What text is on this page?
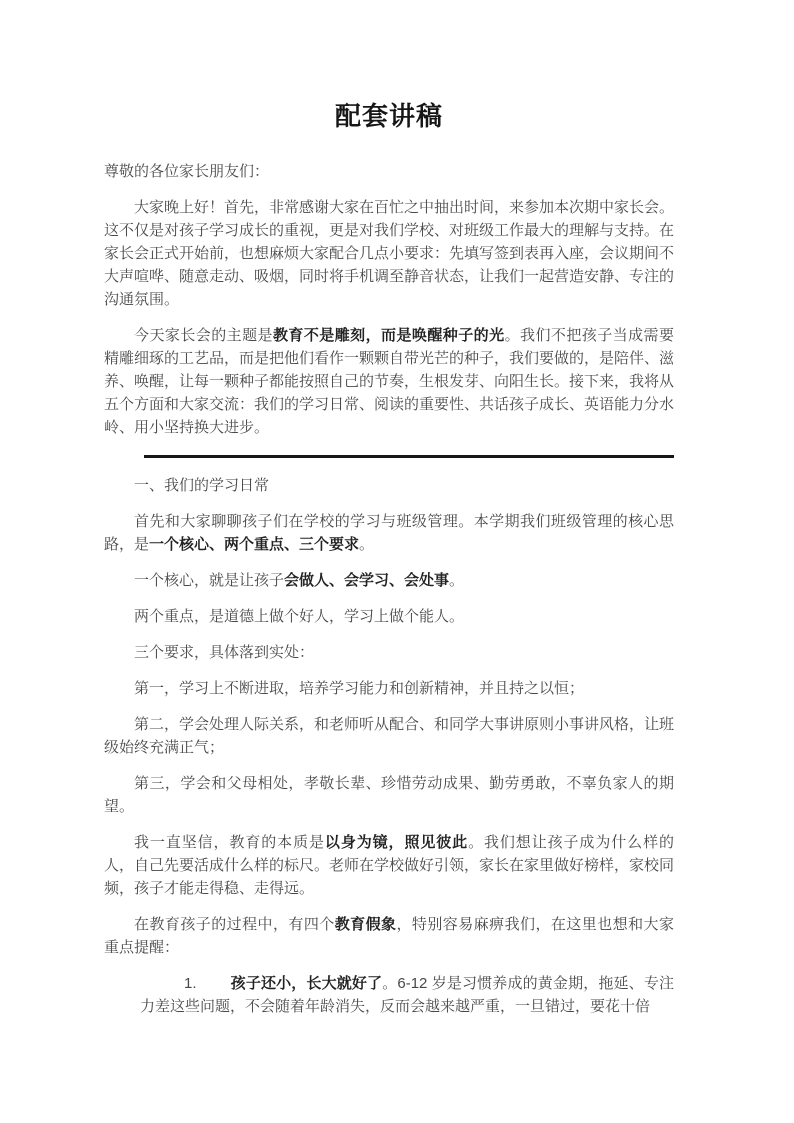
配套讲稿

尊敬的各位家长朋友们：

大家晚上好！首先，非常感谢大家在百忙之中抽出时间，来参加本次期中家长会。这不仅是对孩子学习成长的重视，更是对我们学校、对班级工作最大的理解与支持。在家长会正式开始前，也想麻烦大家配合几点小要求：先填写签到表再入座，会议期间不大声喧哗、随意走动、吸烟，同时将手机调至静音状态，让我们一起营造安静、专注的沟通氛围。

今天家长会的主题是教育不是雕刻，而是唤醒种子的光。我们不把孩子当成需要精雕细琢的工艺品，而是把他们看作一颗颗自带光芒的种子，我们要做的，是陪伴、滋养、唤醒，让每一颗种子都能按照自己的节奏，生根发芽、向阳生长。接下来，我将从五个方面和大家交流：我们的学习日常、阅读的重要性、共话孩子成长、英语能力分水岭、用小坚持换大进步。

一、我们的学习日常

首先和大家聊聊孩子们在学校的学习与班级管理。本学期我们班级管理的核心思路，是一个核心、两个重点、三个要求。

一个核心，就是让孩子会做人、会学习、会处事。

两个重点，是道德上做个好人，学习上做个能人。

三个要求，具体落到实处：

第一，学习上不断进取，培养学习能力和创新精神，并且持之以恒；

第二，学会处理人际关系，和老师听从配合、和同学大事讲原则小事讲风格，让班级始终充满正气；

第三，学会和父母相处，孝敬长辈、珍惜劳动成果、勤劳勇敢，不辜负家人的期望。

我一直坚信，教育的本质是以身为镜，照见彼此。我们想让孩子成为什么样的人，自己先要活成什么样的标尺。老师在学校做好引领，家长在家里做好榜样，家校同频，孩子才能走得稳、走得远。

在教育孩子的过程中，有四个教育假象，特别容易麻痹我们，在这里也想和大家重点提醒：

1. 孩子还小，长大就好了。6-12 岁是习惯养成的黄金期，拖延、专注力差这些问题，不会随着年龄消失，反而会越来越严重，一旦错过，要花十倍
